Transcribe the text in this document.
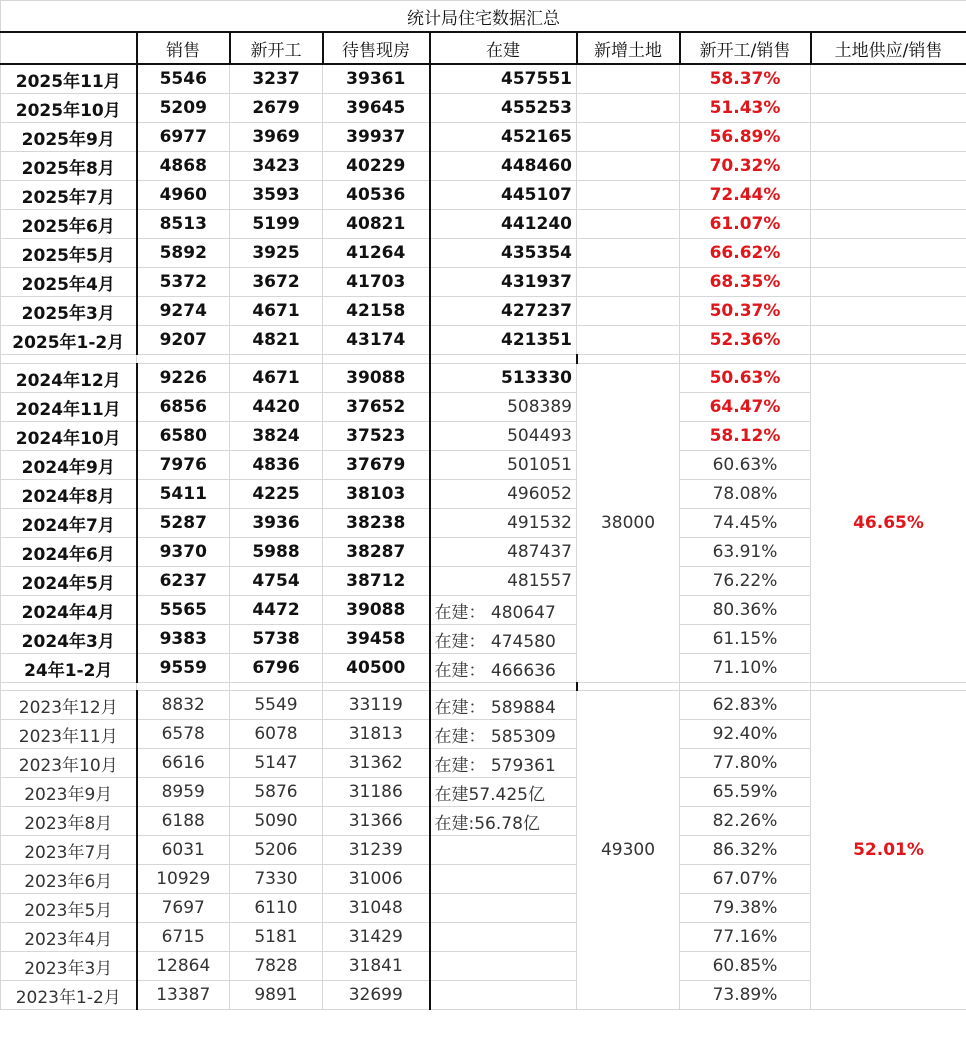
统计局住宅数据汇总							
	销售	新开工	待售现房	在建	新增土地	新开工/销售	土地供应/销售
2025年11月	5546	3237	39361	457551		58.37%	
2025年10月	5209	2679	39645	455253		51.43%	
2025年9月	6977	3969	39937	452165		56.89%	
2025年8月	4868	3423	40229	448460		70.32%	
2025年7月	4960	3593	40536	445107		72.44%	
2025年6月	8513	5199	40821	441240		61.07%	
2025年5月	5892	3925	41264	435354		66.62%	
2025年4月	5372	3672	41703	431937		68.35%	
2025年3月	9274	4671	42158	427237		50.37%	
2025年1-2月	9207	4821	43174	421351		52.36%	

2024年12月	9226	4671	39088	513330	38000	50.63%	46.65%
2024年11月	6856	4420	37652	508389		64.47%	
2024年10月	6580	3824	37523	504493		58.12%	
2024年9月	7976	4836	37679	501051		60.63%	
2024年8月	5411	4225	38103	496052		78.08%	
2024年7月	5287	3936	38238	491532		74.45%	
2024年6月	9370	5988	38287	487437		63.91%	
2024年5月	6237	4754	38712	481557		76.22%	
2024年4月	5565	4472	39088	在建： 480647		80.36%	
2024年3月	9383	5738	39458	在建： 474580		61.15%	
24年1-2月	9559	6796	40500	在建： 466636		71.10%	

2023年12月	8832	5549	33119	在建： 589884	49300	62.83%	52.01%
2023年11月	6578	6078	31813	在建： 585309		92.40%	
2023年10月	6616	5147	31362	在建： 579361		77.80%	
2023年9月	8959	5876	31186	在建57.425亿		65.59%	
2023年8月	6188	5090	31366	在建:56.78亿		82.26%	
2023年7月	6031	5206	31239			86.32%	
2023年6月	10929	7330	31006			67.07%	
2023年5月	7697	6110	31048			79.38%	
2023年4月	6715	5181	31429			77.16%	
2023年3月	12864	7828	31841			60.85%	
2023年1-2月	13387	9891	32699			73.89%	
